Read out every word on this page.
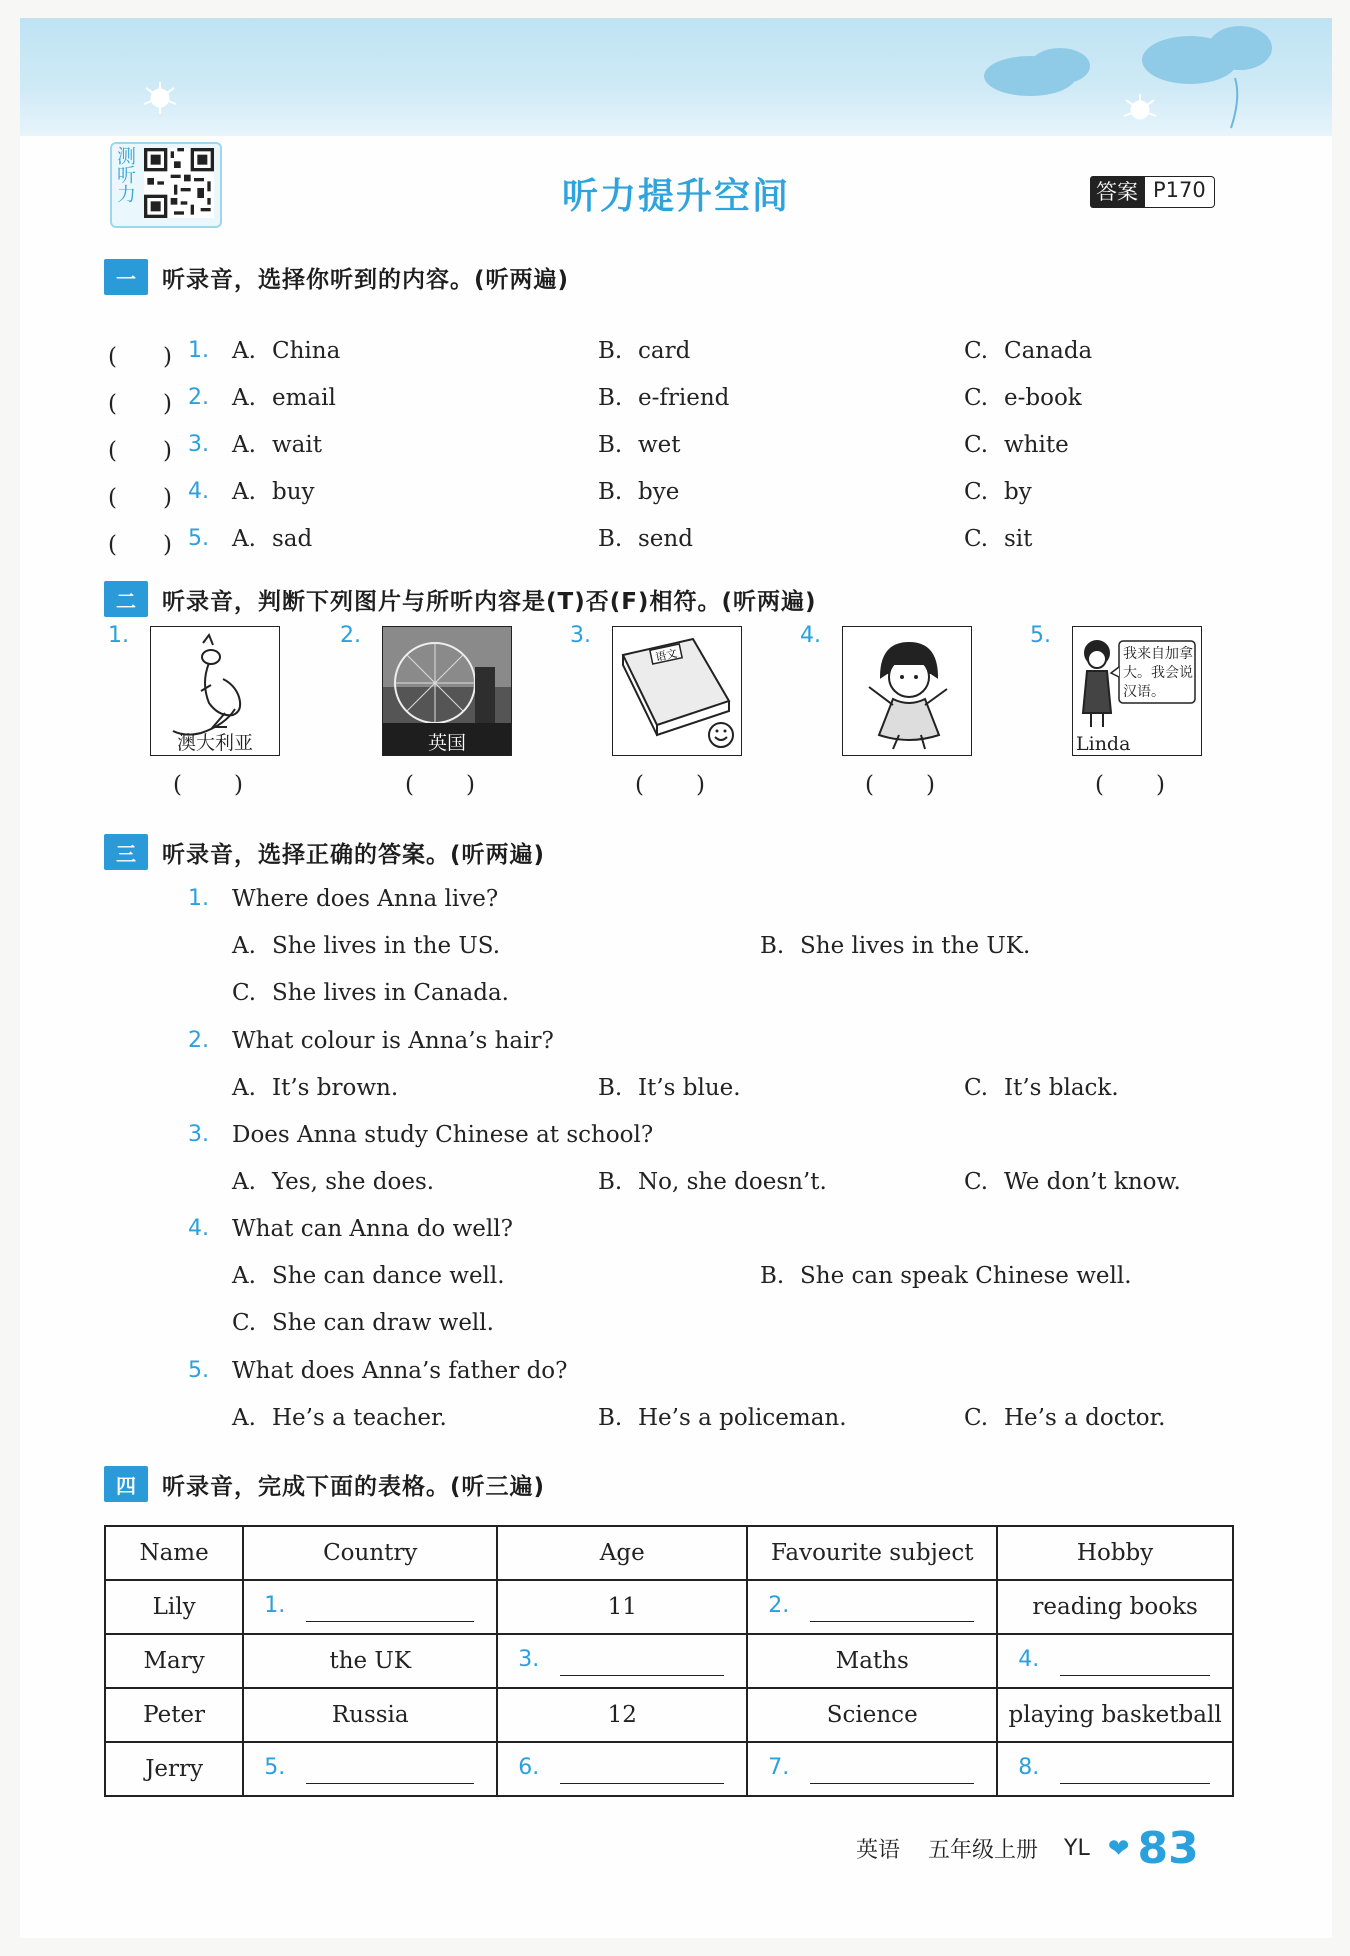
测听力	听力提升空间	答案 P170
一	听录音，选择你听到的内容。(听两遍)
(　　) 1. A. China	B. card	C. Canada
(　　) 2. A. email	B. e-friend	C. e-book
(　　) 3. A. wait	B. wet	C. white
(　　) 4. A. buy	B. bye	C. by
(　　) 5. A. sad	B. send	C. sit
二	听录音，判断下列图片与所听内容是(T)否(F)相符。(听两遍)
1.
澳大利亚
(　　)
2.
英国
(　　)
3.
语文
(　　)
4.
(　　)
5.
我来自加拿大。我会说汉语。
Linda
(　　)
三	听录音，选择正确的答案。(听两遍)
1. Where does Anna live?
A. She lives in the US.	B. She lives in the UK.
C. She lives in Canada.
2. What colour is Anna’s hair?
A. It’s brown.	B. It’s blue.	C. It’s black.
3. Does Anna study Chinese at school?
A. Yes, she does.	B. No, she doesn’t.	C. We don’t know.
4. What can Anna do well?
A. She can dance well.	B. She can speak Chinese well.
C. She can draw well.
5. What does Anna’s father do?
A. He’s a teacher.	B. He’s a policeman.	C. He’s a doctor.
四	听录音，完成下面的表格。(听三遍)
Name	Country	Age	Favourite subject	Hobby
Lily	1.	11	2.	reading books
Mary	the UK	3.	Maths	4.

Peter	Russia	12	Science	playing basketball
Jerry	5.	6.	7.	8.
英语 五年级上册 YL ❤ 83
